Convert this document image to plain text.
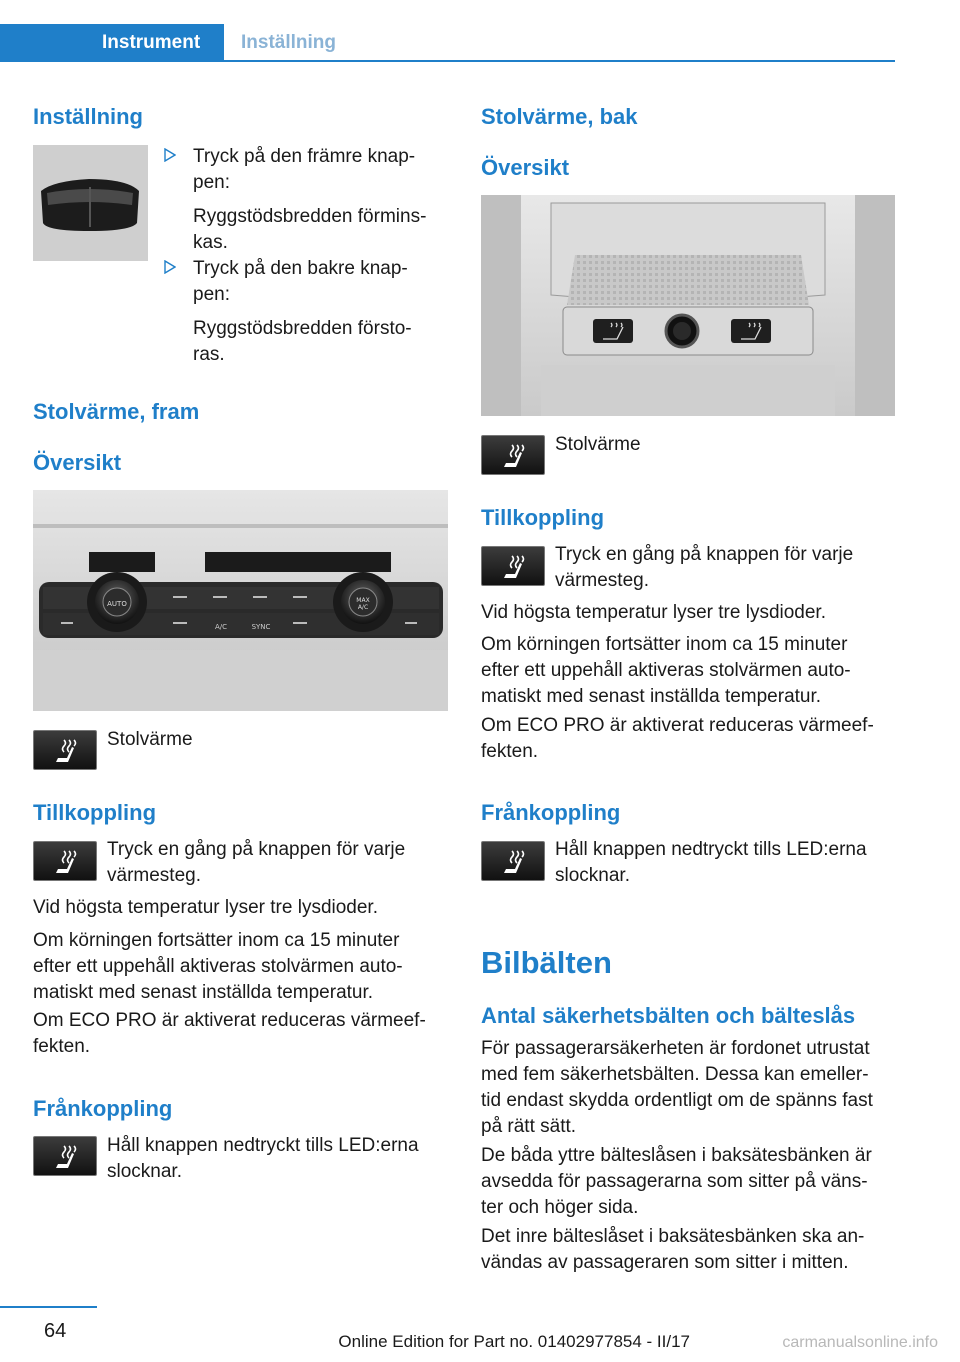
Instrument	Inställning
Inställning
Tryck på den främre knap-
pen:
Ryggstödsbredden förmins-
kas.
Tryck på den bakre knap-
pen:
Ryggstödsbredden försto-
ras.
Stolvärme, fram
Översikt
AUTO	MAX
A/C
A/C	SYNC
Stolvärme
Tillkoppling
Tryck en gång på knappen för varje
värmesteg.
Vid högsta temperatur lyser tre lysdioder.
Om körningen fortsätter inom ca 15 minuter
efter ett uppehåll aktiveras stolvärmen auto-
matiskt med senast inställda temperatur.
Om ECO PRO är aktiverat reduceras värmeef-
fekten.
Frånkoppling
Håll knappen nedtryckt tills LED:erna
slocknar.
Stolvärme, bak
Översikt
Stolvärme
Tillkoppling
Tryck en gång på knappen för varje
värmesteg.
Vid högsta temperatur lyser tre lysdioder.
Om körningen fortsätter inom ca 15 minuter
efter ett uppehåll aktiveras stolvärmen auto-
matiskt med senast inställda temperatur.
Om ECO PRO är aktiverat reduceras värmeef-
fekten.
Frånkoppling
Håll knappen nedtryckt tills LED:erna
slocknar.
Bilbälten
Antal säkerhetsbälten och bälteslås
För passagerarsäkerheten är fordonet utrustat
med fem säkerhetsbälten. Dessa kan emeller-
tid endast skydda ordentligt om de spänns fast
på rätt sätt.
De båda yttre bälteslåsen i baksätesbänken är
avsedda för passagerarna som sitter på väns-
ter och höger sida.
Det inre bälteslåset i baksätesbänken ska an-
vändas av passageraren som sitter i mitten.
64	Online Edition for Part no. 01402977854 - II/17	carmanualsonline.info
